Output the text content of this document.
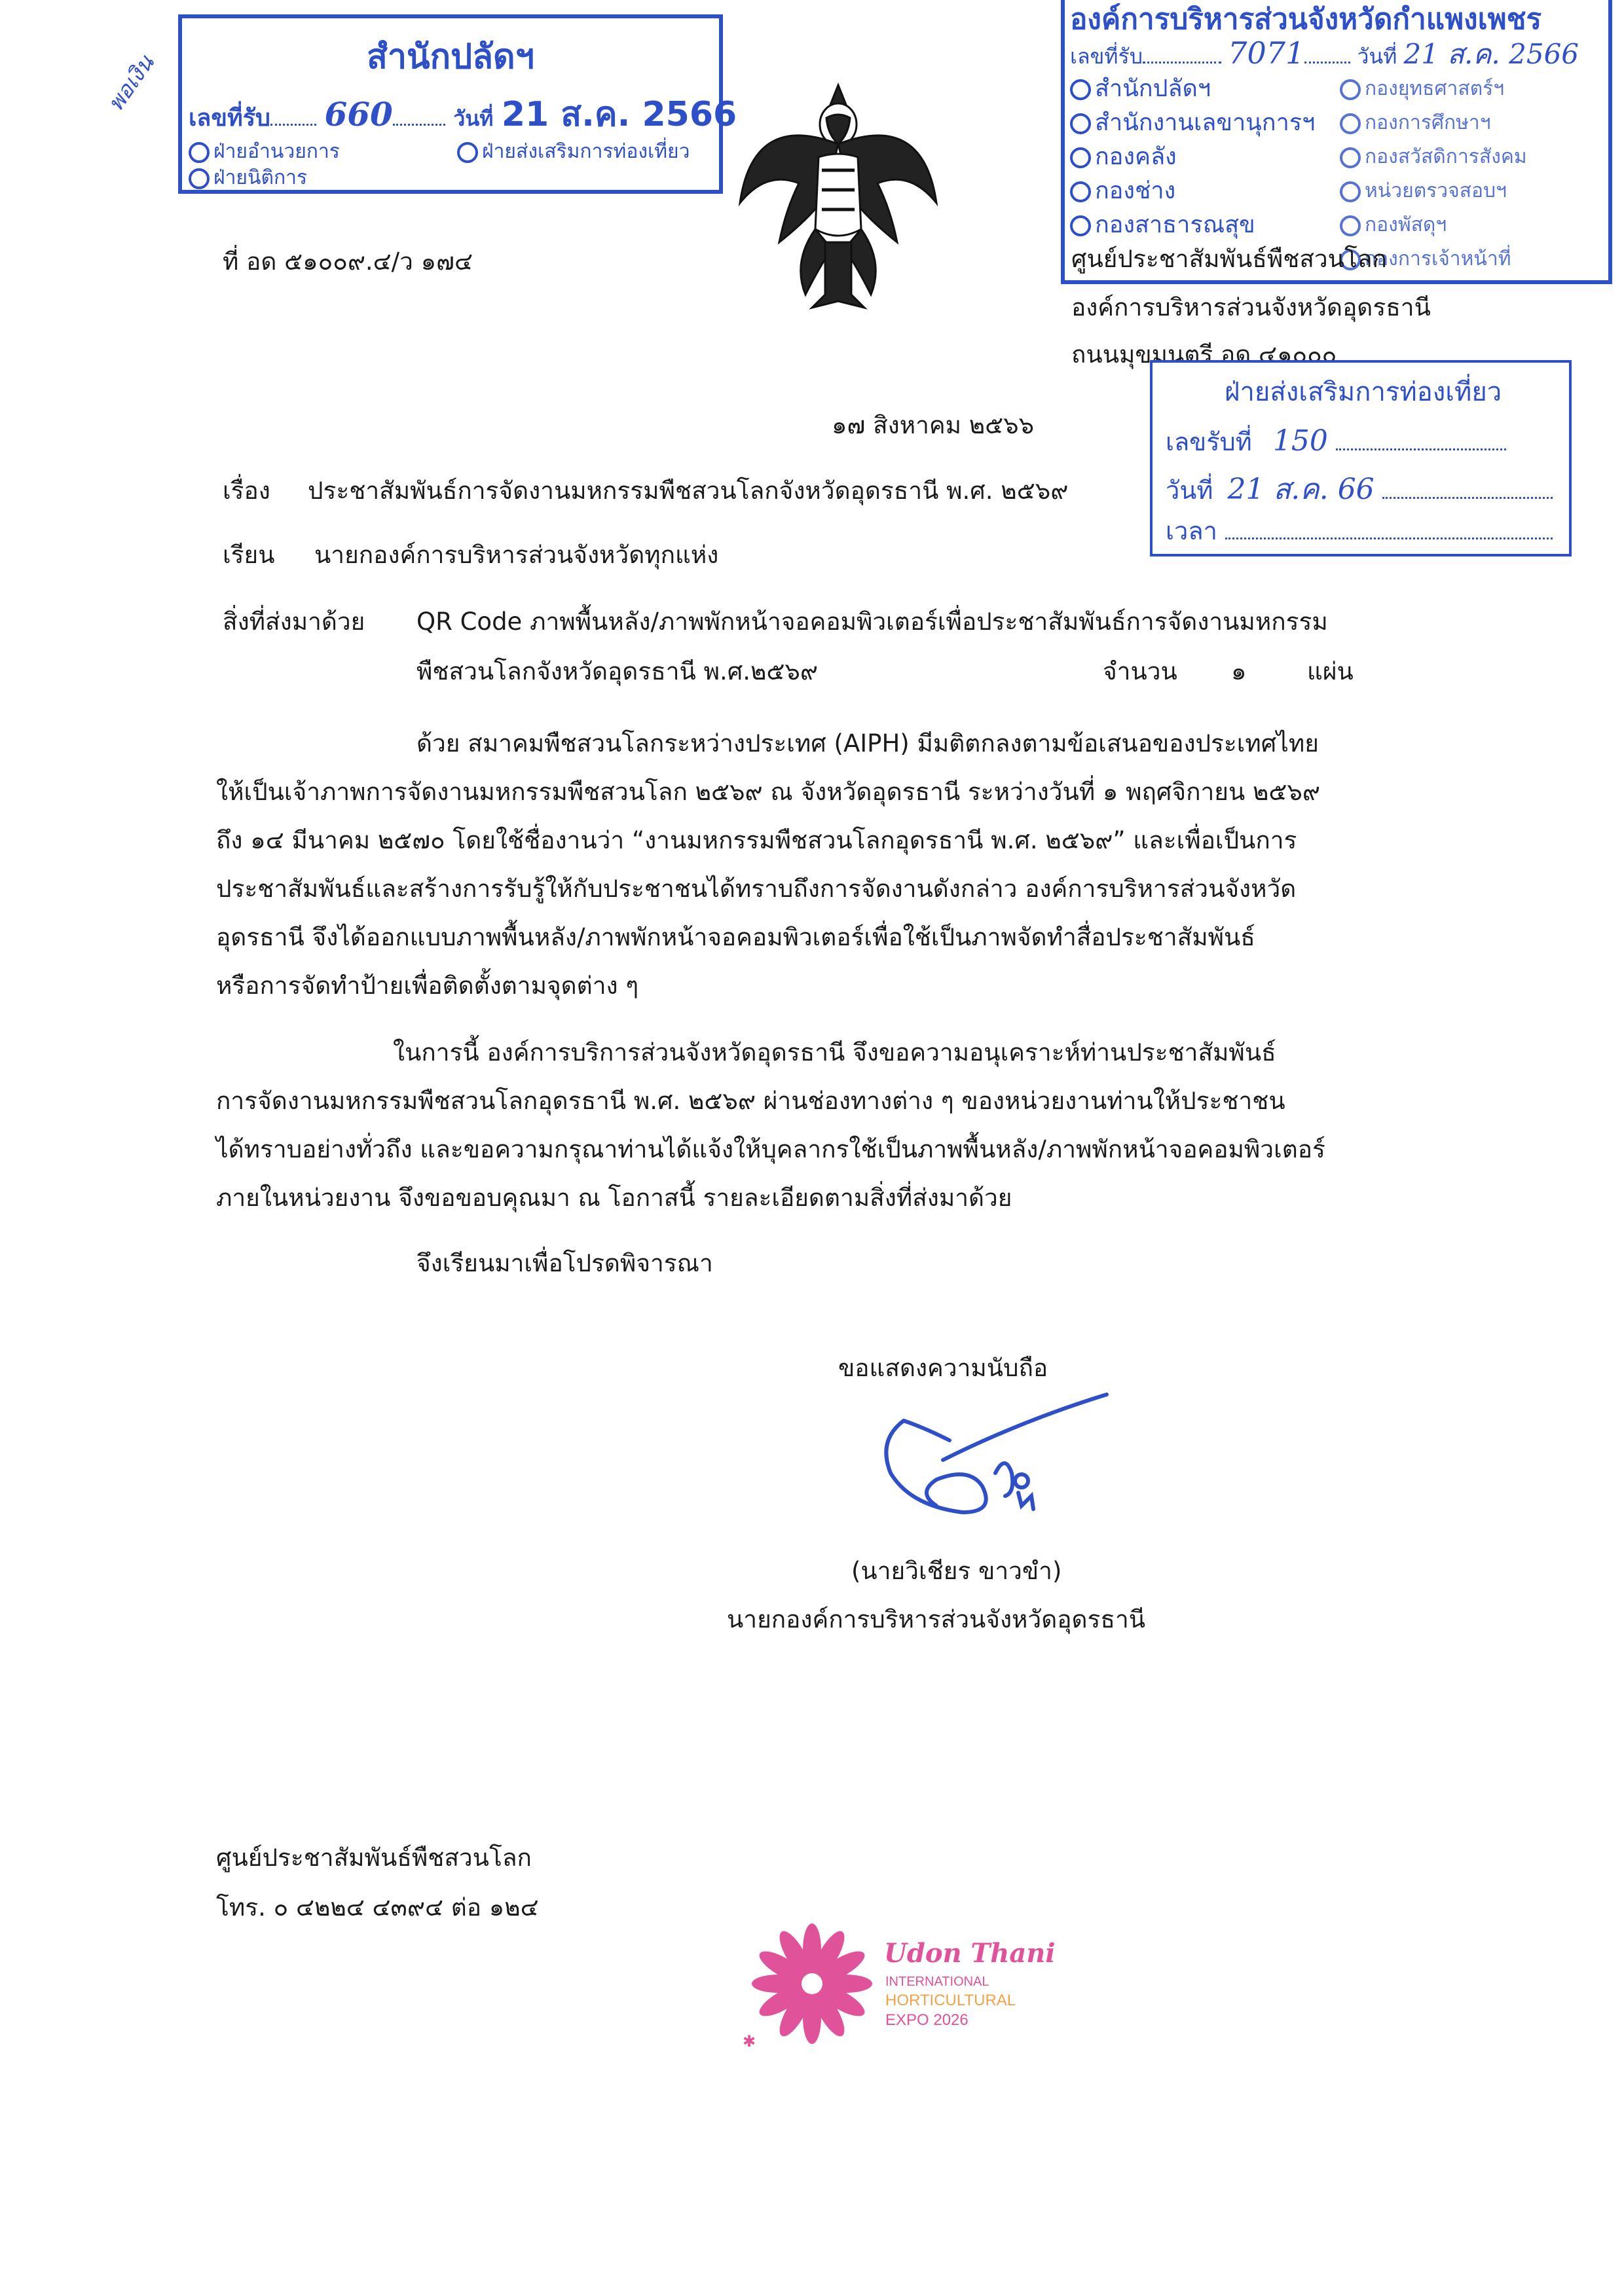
สำนักปลัดฯ
เลขที่รับ 660	วันที่ 21 ส.ค. 2566
ฝ่ายอำนวยการ	ฝ่ายส่งเสริมการท่องเที่ยว
ฝ่ายนิติการ
พอเงิน
องค์การบริหารส่วนจังหวัดกำแพงเพชร
เลขที่รับ	7071	วันที่ 21 ส.ค. 2566
สำนักปลัดฯ
สำนักงานเลขานุการฯ
กองคลัง
กองช่าง
กองสาธารณสุข
กองยุทธศาสตร์ฯ
กองการศึกษาฯ
กองสวัสดิการสังคม
หน่วยตรวจสอบฯ
กองพัสดุฯ
กองการเจ้าหน้าที่
ที่ อด ๕๑๐๐๙.๔/ว ๑๗๔	ศูนย์ประชาสัมพันธ์พืชสวนโลก
องค์การบริหารส่วนจังหวัดอุดรธานี
ถนนมุขมนตรี อด ๔๑๐๐๐
ฝ่ายส่งเสริมการท่องเที่ยว
เลขรับที่ 150
วันที่ 21 ส.ค. 66
เวลา
๑๗ สิงหาคม ๒๕๖๖
เรื่อง ประชาสัมพันธ์การจัดงานมหกรรมพืชสวนโลกจังหวัดอุดรธานี พ.ศ. ๒๕๖๙
เรียน นายกองค์การบริหารส่วนจังหวัดทุกแห่ง
สิ่งที่ส่งมาด้วย QR Code ภาพพื้นหลัง/ภาพพักหน้าจอคอมพิวเตอร์เพื่อประชาสัมพันธ์การจัดงานมหกรรม
พืชสวนโลกจังหวัดอุดรธานี พ.ศ.๒๕๖๙	จำนวน ๑	แผ่น
ด้วย สมาคมพืชสวนโลกระหว่างประเทศ (AIPH) มีมติตกลงตามข้อเสนอของประเทศไทย
ให้เป็นเจ้าภาพการจัดงานมหกรรมพืชสวนโลก ๒๕๖๙ ณ จังหวัดอุดรธานี ระหว่างวันที่ ๑ พฤศจิกายน ๒๕๖๙
ถึง ๑๔ มีนาคม ๒๕๗๐ โดยใช้ชื่องานว่า “งานมหกรรมพืชสวนโลกอุดรธานี พ.ศ. ๒๕๖๙” และเพื่อเป็นการ
ประชาสัมพันธ์และสร้างการรับรู้ให้กับประชาชนได้ทราบถึงการจัดงานดังกล่าว องค์การบริหารส่วนจังหวัด
อุดรธานี จึงได้ออกแบบภาพพื้นหลัง/ภาพพักหน้าจอคอมพิวเตอร์เพื่อใช้เป็นภาพจัดทำสื่อประชาสัมพันธ์
หรือการจัดทำป้ายเพื่อติดตั้งตามจุดต่าง ๆ
ในการนี้ องค์การบริการส่วนจังหวัดอุดรธานี จึงขอความอนุเคราะห์ท่านประชาสัมพันธ์
การจัดงานมหกรรมพืชสวนโลกอุดรธานี พ.ศ. ๒๕๖๙ ผ่านช่องทางต่าง ๆ ของหน่วยงานท่านให้ประชาชน
ได้ทราบอย่างทั่วถึง และขอความกรุณาท่านได้แจ้งให้บุคลากรใช้เป็นภาพพื้นหลัง/ภาพพักหน้าจอคอมพิวเตอร์
ภายในหน่วยงาน จึงขอขอบคุณมา ณ โอกาสนี้ รายละเอียดตามสิ่งที่ส่งมาด้วย
จึงเรียนมาเพื่อโปรดพิจารณา
ขอแสดงความนับถือ
(นายวิเชียร ขาวขำ)
นายกองค์การบริหารส่วนจังหวัดอุดรธานี
ศูนย์ประชาสัมพันธ์พืชสวนโลก
โทร. ๐ ๔๒๒๔ ๔๓๙๔ ต่อ ๑๒๔
✱
Udon Thani
INTERNATIONAL
HORTICULTURAL
EXPO 2026
